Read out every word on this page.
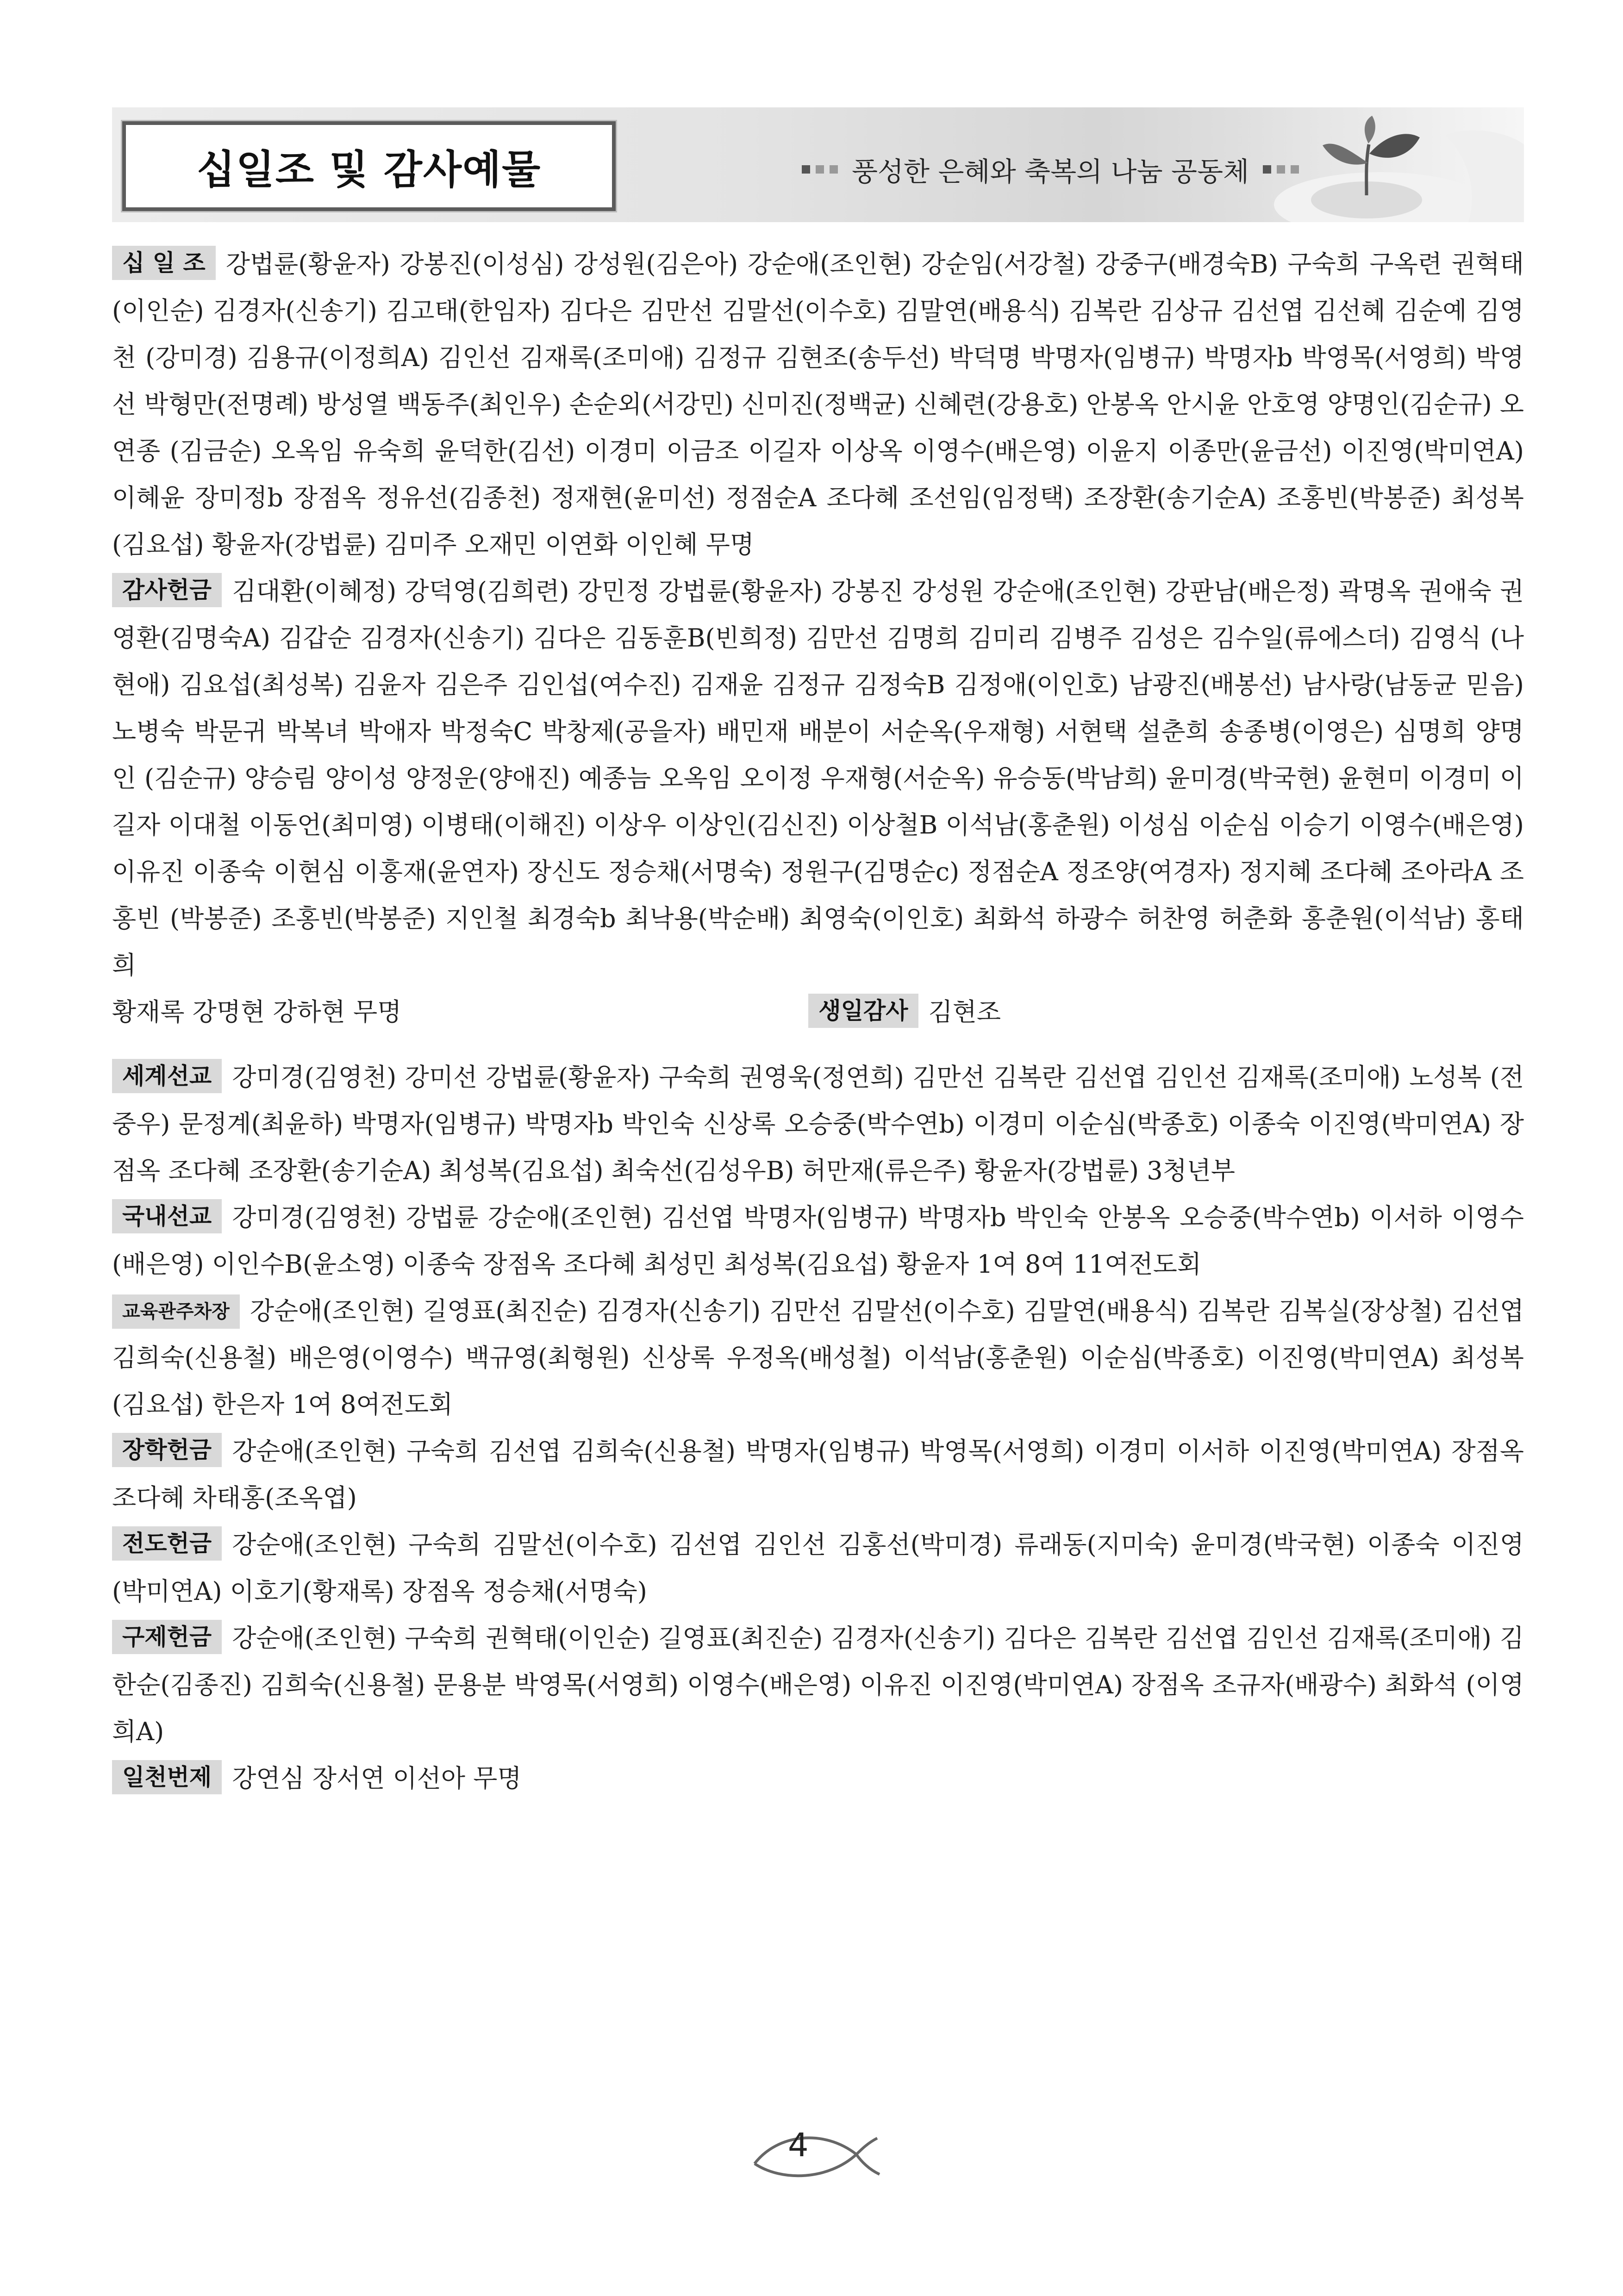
십일조 및 감사예물	풍성한 은혜와 축복의 나눔 공동체
십 일 조 강법륜(황윤자) 강봉진(이성심) 강성원(김은아) 강순애(조인현) 강순임(서강철) 강중구(배경숙B) 구숙희 구옥련 권혁태 (이인순) 김경자(신송기) 김고태(한임자) 김다은 김만선 김말선(이수호) 김말연(배용식) 김복란 김상규 김선엽 김선혜 김순예 김영천 (강미경) 김용규(이정희A) 김인선 김재록(조미애) 김정규 김현조(송두선) 박덕명 박명자(임병규) 박명자b 박영목(서영희) 박영선 박형만(전명례) 방성열 백동주(최인우) 손순외(서강민) 신미진(정백균) 신혜련(강용호) 안봉옥 안시윤 안호영 양명인(김순규) 오연종 (김금순) 오옥임 유숙희 윤덕한(김선) 이경미 이금조 이길자 이상옥 이영수(배은영) 이윤지 이종만(윤금선) 이진영(박미연A) 이혜윤 장미정b 장점옥 정유선(김종천) 정재현(윤미선) 정점순A 조다혜 조선임(임정택) 조장환(송기순A) 조홍빈(박봉준) 최성복(김요섭) 황윤자(강법륜) 김미주 오재민 이연화 이인혜 무명
감사헌금 김대환(이혜정) 강덕영(김희련) 강민정 강법륜(황윤자) 강봉진 강성원 강순애(조인현) 강판남(배은정) 곽명옥 권애숙 권영환(김명숙A) 김갑순 김경자(신송기) 김다은 김동훈B(빈희정) 김만선 김명희 김미리 김병주 김성은 김수일(류에스더) 김영식 (나현애) 김요섭(최성복) 김윤자 김은주 김인섭(여수진) 김재윤 김정규 김정숙B 김정애(이인호) 남광진(배봉선) 남사랑(남동균 믿음) 노병숙 박문귀 박복녀 박애자 박정숙C 박창제(공을자) 배민재 배분이 서순옥(우재형) 서현택 설춘희 송종병(이영은) 심명희 양명인 (김순규) 양승림 양이성 양정운(양애진) 예종늠 오옥임 오이정 우재형(서순옥) 유승동(박남희) 윤미경(박국현) 윤현미 이경미 이길자 이대철 이동언(최미영) 이병태(이해진) 이상우 이상인(김신진) 이상철B 이석남(홍춘원) 이성심 이순심 이승기 이영수(배은영) 이유진 이종숙 이현심 이홍재(윤연자) 장신도 정승채(서명숙) 정원구(김명순c) 정점순A 정조양(여경자) 정지혜 조다혜 조아라A 조홍빈 (박봉준) 조홍빈(박봉준) 지인철 최경숙b 최낙용(박순배) 최영숙(이인호) 최화석 하광수 허찬영 허춘화 홍춘원(이석남) 홍태희
황재록 강명현 강하현 무명	생일감사 김현조
세계선교 강미경(김영천) 강미선 강법륜(황윤자) 구숙희 권영욱(정연희) 김만선 김복란 김선엽 김인선 김재록(조미애) 노성복 (전중우) 문정계(최윤하) 박명자(임병규) 박명자b 박인숙 신상록 오승중(박수연b) 이경미 이순심(박종호) 이종숙 이진영(박미연A) 장점옥 조다혜 조장환(송기순A) 최성복(김요섭) 최숙선(김성우B) 허만재(류은주) 황윤자(강법륜) 3청년부
국내선교 강미경(김영천) 강법륜 강순애(조인현) 김선엽 박명자(임병규) 박명자b 박인숙 안봉옥 오승중(박수연b) 이서하 이영수 (배은영) 이인수B(윤소영) 이종숙 장점옥 조다혜 최성민 최성복(김요섭) 황윤자 1여 8여 11여전도회
교육관주차장 강순애(조인현) 길영표(최진순) 김경자(신송기) 김만선 김말선(이수호) 김말연(배용식) 김복란 김복실(장상철) 김선엽 김희숙(신용철) 배은영(이영수) 백규영(최형원) 신상록 우정옥(배성철) 이석남(홍춘원) 이순심(박종호) 이진영(박미연A) 최성복 (김요섭) 한은자 1여 8여전도회
장학헌금 강순애(조인현) 구숙희 김선엽 김희숙(신용철) 박명자(임병규) 박영목(서영희) 이경미 이서하 이진영(박미연A) 장점옥 조다혜 차태홍(조옥엽)
전도헌금 강순애(조인현) 구숙희 김말선(이수호) 김선엽 김인선 김홍선(박미경) 류래동(지미숙) 윤미경(박국현) 이종숙 이진영 (박미연A) 이호기(황재록) 장점옥 정승채(서명숙)
구제헌금 강순애(조인현) 구숙희 권혁태(이인순) 길영표(최진순) 김경자(신송기) 김다은 김복란 김선엽 김인선 김재록(조미애) 김한순(김종진) 김희숙(신용철) 문용분 박영목(서영희) 이영수(배은영) 이유진 이진영(박미연A) 장점옥 조규자(배광수) 최화석 (이영희A)
일천번제 강연심 장서연 이선아 무명
4
